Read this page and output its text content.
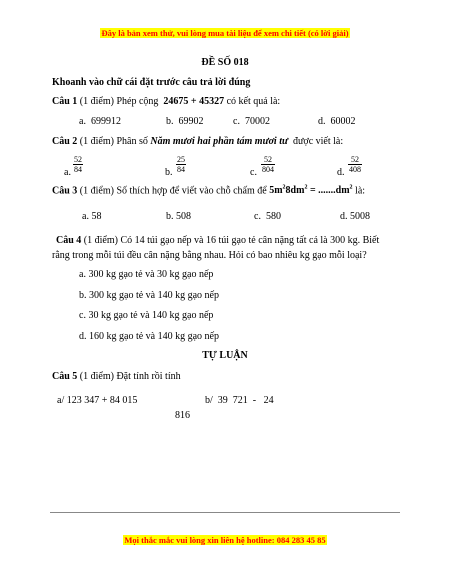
Đây là bản xem thử, vui lòng mua tài liệu để xem chi tiết (có lời giải)
ĐỀ SỐ 018
Khoanh vào chữ cái đặt trước câu trả lời đúng
Câu 1 (1 điểm) Phép cộng 24675 + 45327 có kết quả là:
a. 699912	b. 69902	c. 70002	d. 60002
Câu 2 (1 điểm) Phân số Năm mươi hai phần tám mươi tư được viết là:
a. $\frac{52}{84}$	b. $\frac{25}{84}$	c. $\frac{52}{804}$	d. $\frac{52}{408}$
Câu 3 (1 điểm) Số thích hợp để viết vào chỗ chấm để $5m^28dm^2 = .......dm^2$ là:
a. 58	b. 508	c. 580	d. 5008
Câu 4 (1 điểm) Có 14 túi gạo nếp và 16 túi gạo tẻ cân nặng tất cả là 300 kg. Biết rằng trong mỗi túi đều cân nặng bằng nhau. Hỏi có bao nhiêu kg gạo mỗi loại?
a. 300 kg gạo tẻ và 30 kg gạo nếp
b. 300 kg gạo tẻ và 140 kg gạo nếp
c. 30 kg gạo tẻ và 140 kg gạo nếp
d. 160 kg gạo tẻ và 140 kg gạo nếp
TỰ LUẬN
Câu 5 (1 điểm) Đặt tính rồi tính
a/ 123 347 + 84 015	b/  39  721  -   24
816
Mọi thắc mắc vui lòng xin liên hệ hotline: 084 283 45 85
